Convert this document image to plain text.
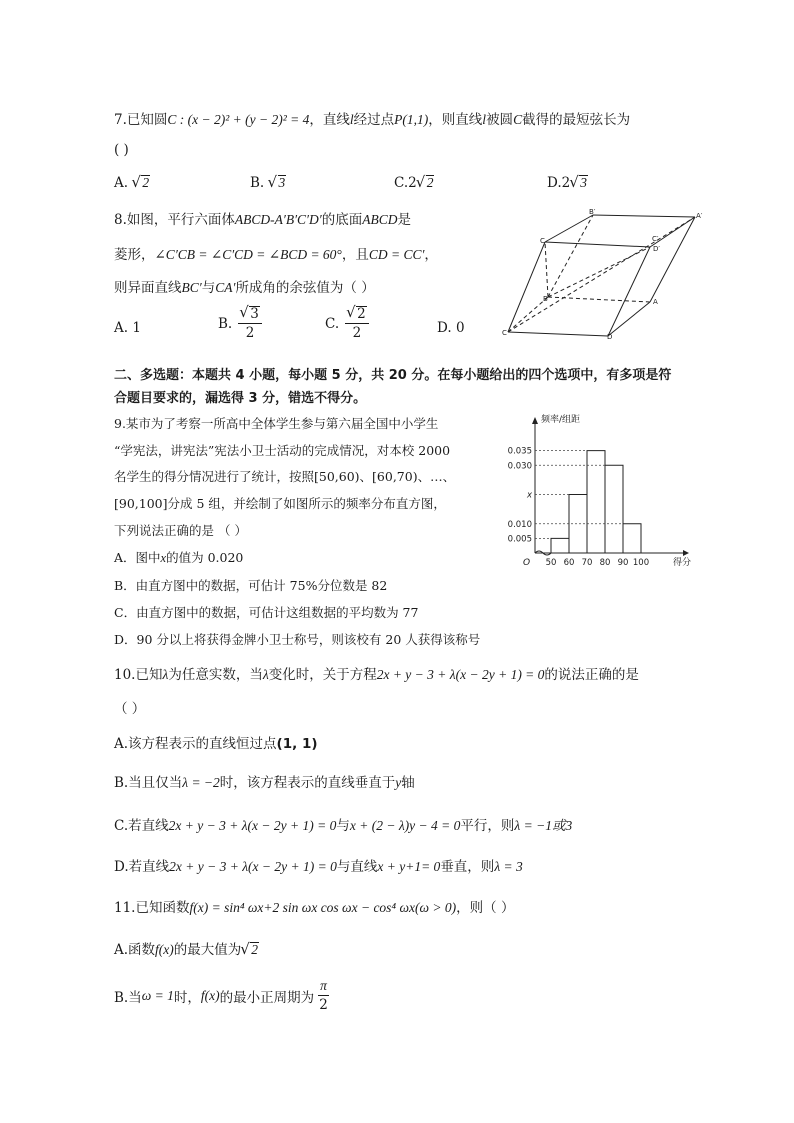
7.已知圆C : (x − 2)² + (y − 2)² = 4，直线l经过点P(1,1)，则直线l被圆C截得的最短弦长为
( )
A. √ 2	B. √ 3	C.2 √ 2	D.2 √ 3
8.如图，平行六面体ABCD-A′B′C′D′的底面ABCD是
菱形，∠C′CB = ∠C′CD = ∠BCD = 60°，且CD = CC′，
则异面直线BC′与CA′所成角的余弦值为（ ）
A. 1	B. √ $\frac{3}{2}$	C. √ $\frac{2}{2}$	D. 0
C
B′	A′
D′
C′
B	A
C	D
二、多选题：本题共 4 小题，每小题 5 分，共 20 分。在每小题给出的四个选项中，有多项是符
合题目要求的，漏选得 3 分，错选不得分。
9.某市为了考察一所高中全体学生参与第六届全国中小学生
“学宪法，讲宪法”宪法小卫士活动的完成情况，对本校 2000
名学生的得分情况进行了统计，按照[50,60)、[60,70)、…、
[90,100]分成 5 组，并绘制了如图所示的频率分布直方图，
下列说法正确的是 （ ）
A．图中x的值为 0.020
B．由直方图中的数据，可估计 75%分位数是 82
C．由直方图中的数据，可估计这组数据的平均数为 77
D．90 分以上将获得金牌小卫士称号，则该校有 20 人获得该称号
频率/组距
得分
O
0.035
0.030
x
0.010
0.005
50 60 70 80 90 100
10.已知λ为任意实数，当λ变化时，关于方程2x + y − 3 + λ(x − 2y + 1) = 0的说法正确的是
（ ）
A.该方程表示的直线恒过点(1, 1)
B.当且仅当λ = −2时，该方程表示的直线垂直于y轴
C.若直线2x + y − 3 + λ(x − 2y + 1) = 0与x + (2 − λ)y − 4 = 0平行，则λ = −1或3
D.若直线2x + y − 3 + λ(x − 2y + 1) = 0与直线x + y+1= 0垂直，则λ = 3
11.已知函数f(x) = sin⁴ ωx+2 sin ωx cos ωx − cos⁴ ωx(ω > 0)，则（ ）
A.函数f(x)的最大值为 √ 2
B.当 ω = 1 时， f(x) 的最小正周期为 $\frac{\pi}{2}$
